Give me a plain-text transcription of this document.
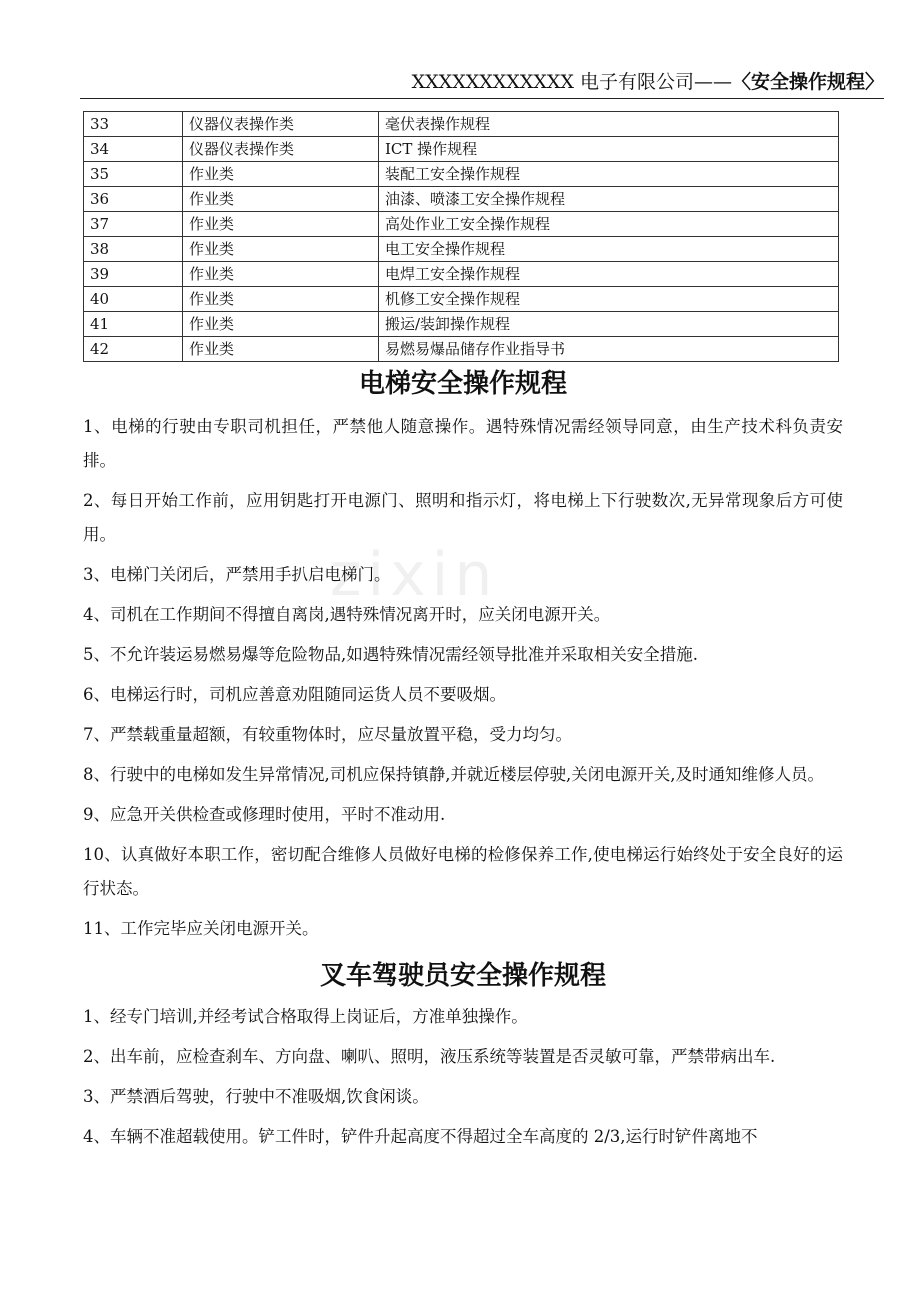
XXXXXXXXXXXX 电子有限公司——〈安全操作规程〉
33	仪器仪表操作类	毫伏表操作规程
34	仪器仪表操作类	ICT 操作规程
35	作业类	装配工安全操作规程
36	作业类	油漆、喷漆工安全操作规程
37	作业类	高处作业工安全操作规程
38	作业类	电工安全操作规程
39	作业类	电焊工安全操作规程
40	作业类	机修工安全操作规程
41	作业类	搬运/装卸操作规程
42	作业类	易燃易爆品储存作业指导书
zixin
电梯安全操作规程

1、电梯的行驶由专职司机担任，严禁他人随意操作。遇特殊情况需经领导同意，由生产技术科负责安排。

2、每日开始工作前，应用钥匙打开电源门、照明和指示灯，将电梯上下行驶数次,无异常现象后方可使用。

3、电梯门关闭后，严禁用手扒启电梯门。

4、司机在工作期间不得擅自离岗,遇特殊情况离开时，应关闭电源开关。

5、不允许装运易燃易爆等危险物品,如遇特殊情况需经领导批准并采取相关安全措施.

6、电梯运行时，司机应善意劝阻随同运货人员不要吸烟。

7、严禁载重量超额，有较重物体时，应尽量放置平稳，受力均匀。

8、行驶中的电梯如发生异常情况,司机应保持镇静,并就近楼层停驶,关闭电源开关,及时通知维修人员。

9、应急开关供检查或修理时使用，平时不准动用.

10、认真做好本职工作，密切配合维修人员做好电梯的检修保养工作,使电梯运行始终处于安全良好的运行状态。

11、工作完毕应关闭电源开关。

叉车驾驶员安全操作规程

1、经专门培训,并经考试合格取得上岗证后，方准单独操作。

2、出车前，应检查刹车、方向盘、喇叭、照明，液压系统等装置是否灵敏可靠，严禁带病出车.

3、严禁酒后驾驶，行驶中不准吸烟,饮食闲谈。

4、车辆不准超载使用。铲工件时，铲件升起高度不得超过全车高度的 2/3,运行时铲件离地不
